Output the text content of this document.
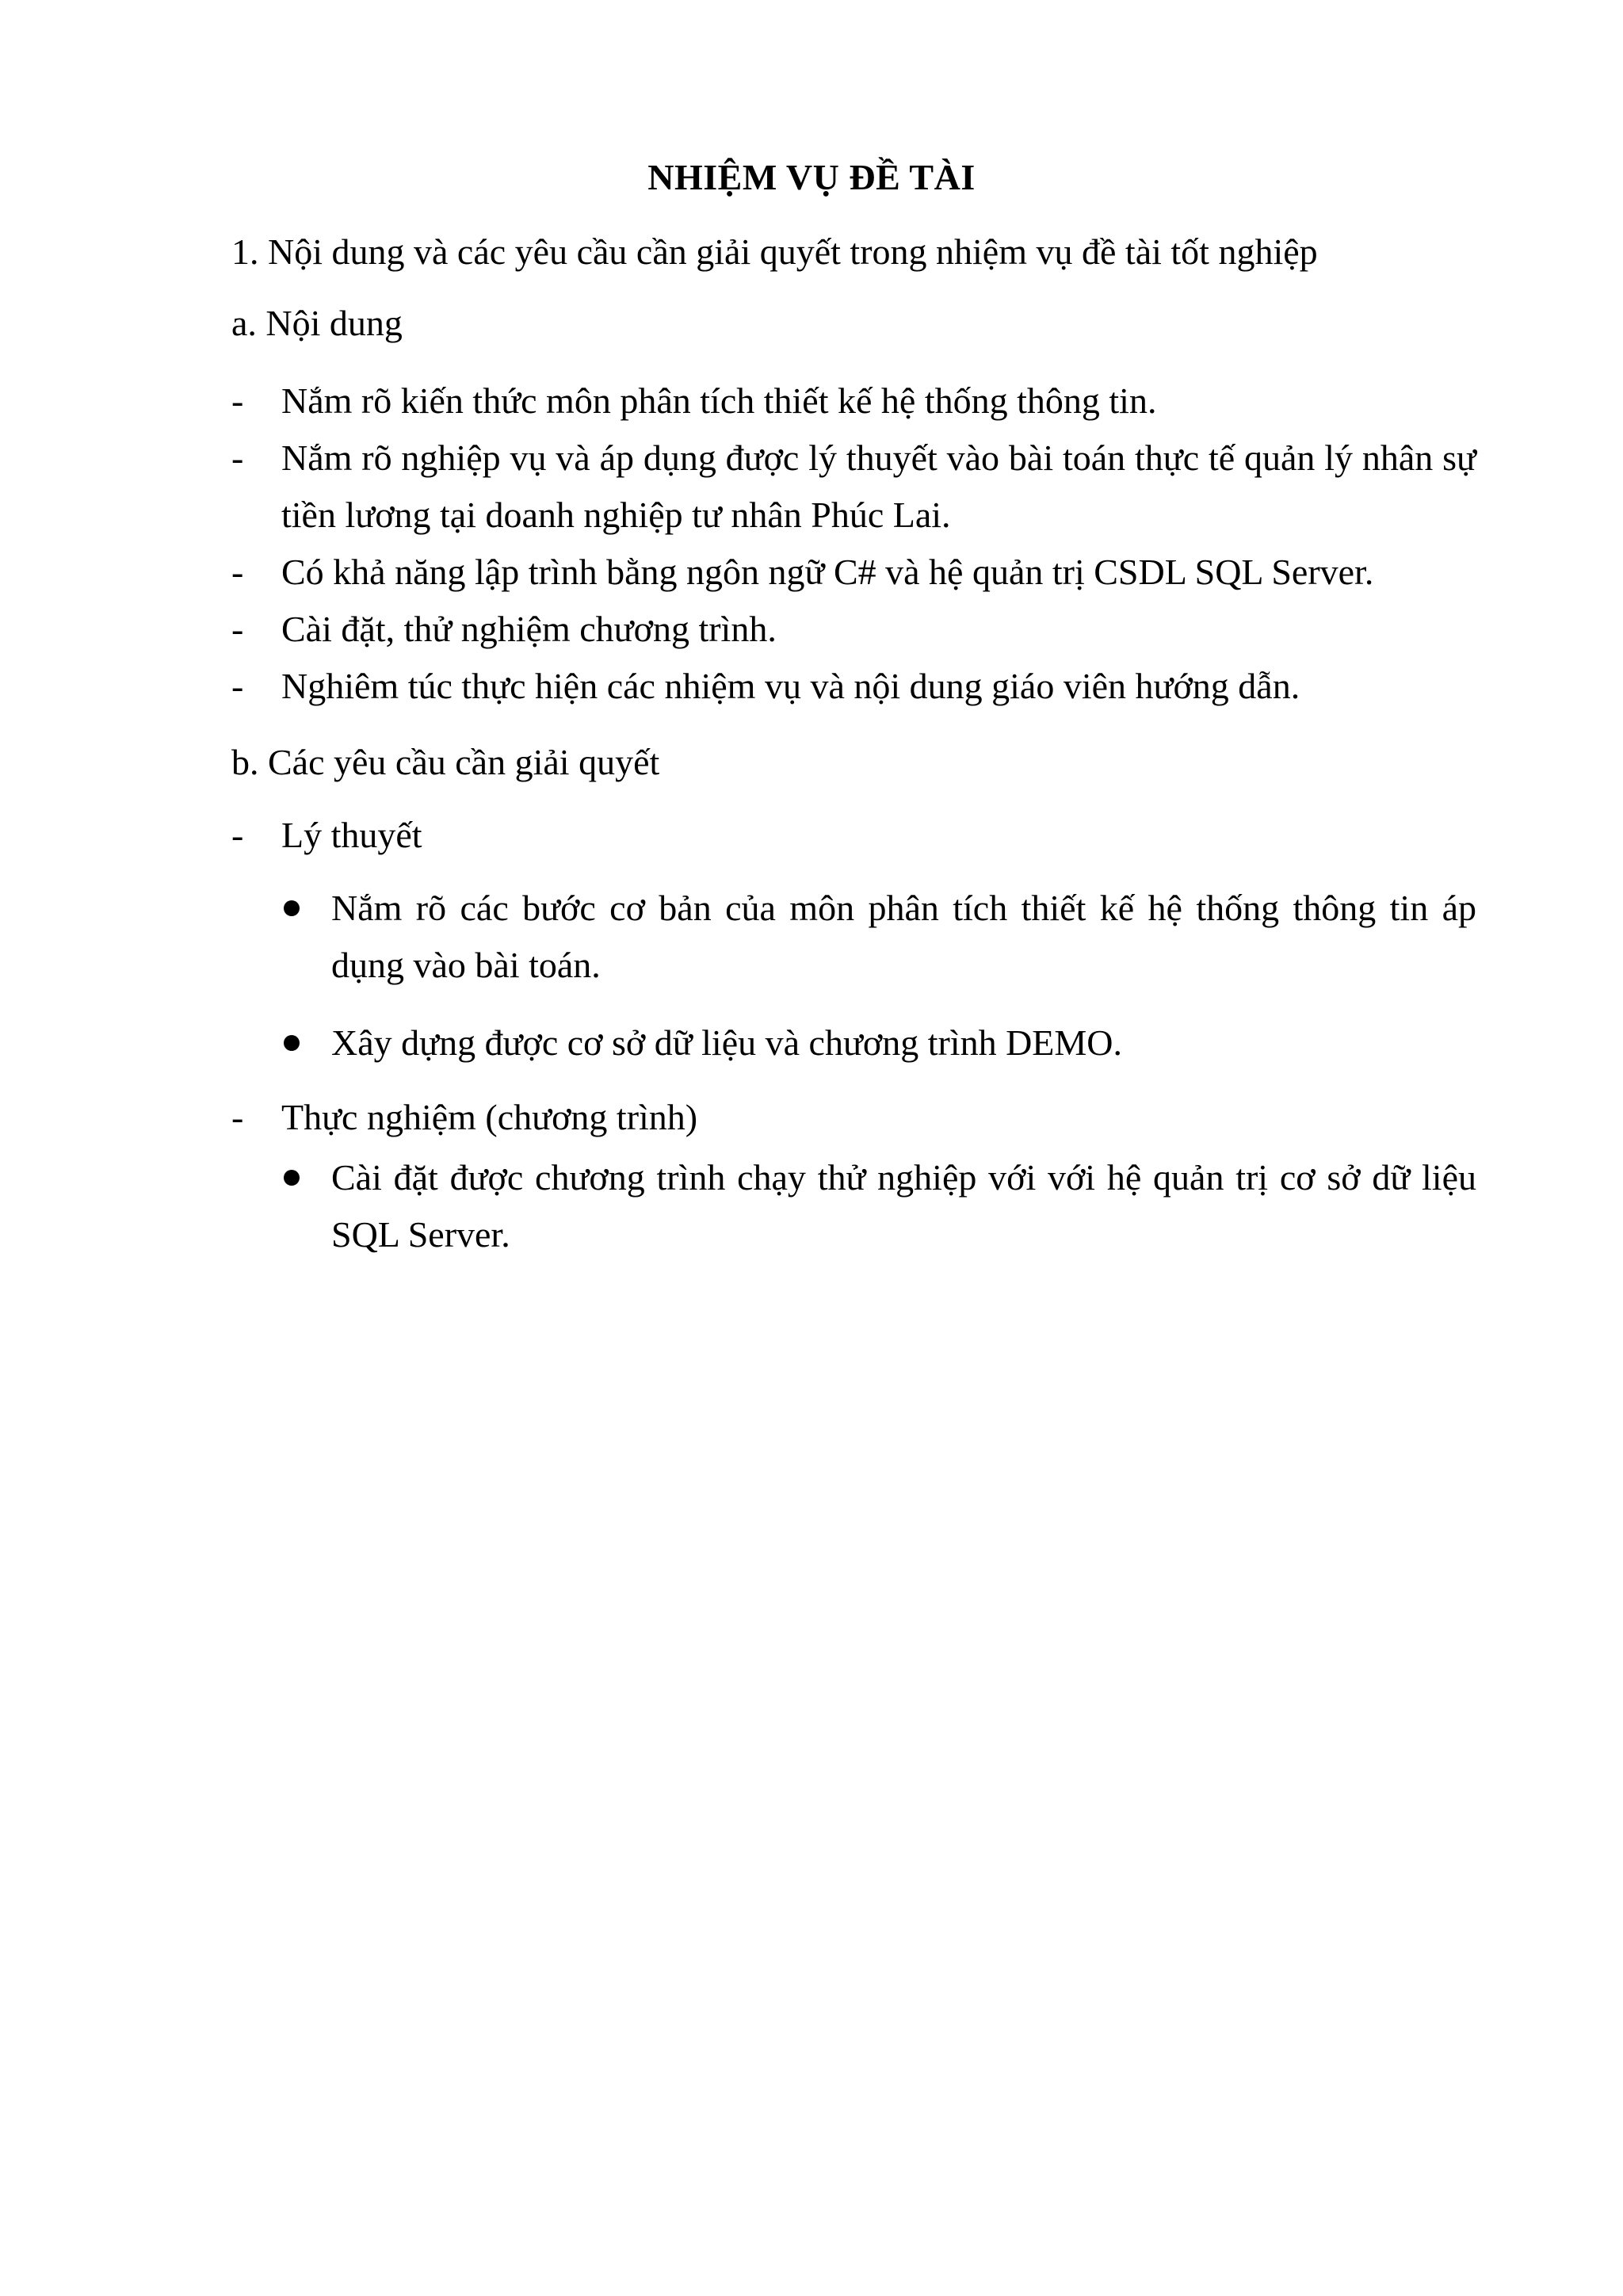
NHIỆM VỤ ĐỀ TÀI
1. Nội dung và các yêu cầu cần giải quyết trong nhiệm vụ đề tài tốt nghiệp
a. Nội dung
- Nắm rõ kiến thức môn phân tích thiết kế hệ thống thông tin.
- Nắm rõ nghiệp vụ và áp dụng được lý thuyết vào bài toán thực tế quản lý nhân sự tiền lương tại doanh nghiệp tư nhân Phúc Lai.
- Có khả năng lập trình bằng ngôn ngữ C# và hệ quản trị CSDL SQL Server.
- Cài đặt, thử nghiệm chương trình.
- Nghiêm túc thực hiện các nhiệm vụ và nội dung giáo viên hướng dẫn.
b. Các yêu cầu cần giải quyết
- Lý thuyết
Nắm rõ các bước cơ bản của môn phân tích thiết kế hệ thống thông tin áp dụng vào bài toán.
Xây dựng được cơ sở dữ liệu và chương trình DEMO.
- Thực nghiệm (chương trình)
Cài đặt được chương trình chạy thử nghiệp với với hệ quản trị cơ sở dữ liệu SQL Server.
